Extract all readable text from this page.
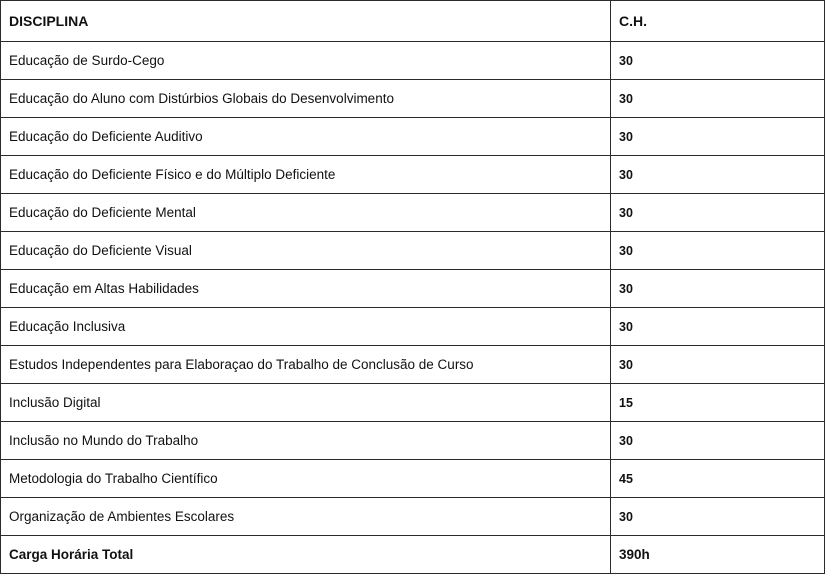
DISCIPLINA	C.H.
Educação de Surdo-Cego	30
Educação do Aluno com Distúrbios Globais do Desenvolvimento	30
Educação do Deficiente Auditivo	30
Educação do Deficiente Físico e do Múltiplo Deficiente	30
Educação do Deficiente Mental	30
Educação do Deficiente Visual	30
Educação em Altas Habilidades	30
Educação Inclusiva	30
Estudos Independentes para Elaboraçao do Trabalho de Conclusão de Curso	30
Inclusão Digital	15
Inclusão no Mundo do Trabalho	30
Metodologia do Trabalho Científico	45
Organização de Ambientes Escolares	30
Carga Horária Total	390h
